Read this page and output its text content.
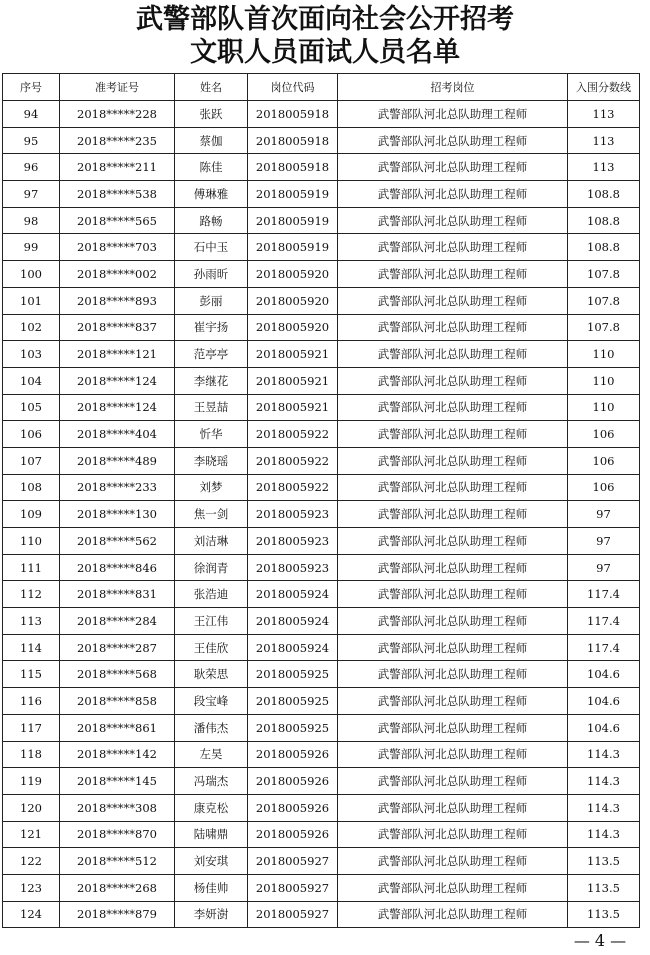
武警部队首次面向社会公开招考
文职人员面试人员名单
序号	准考证号	姓名	岗位代码	招考岗位	入围分数线
94	2018*****228	张跃	2018005918	武警部队河北总队助理工程师	113
95	2018*****235	蔡伽	2018005918	武警部队河北总队助理工程师	113
96	2018*****211	陈佳	2018005918	武警部队河北总队助理工程师	113
97	2018*****538	傅琳雅	2018005919	武警部队河北总队助理工程师	108.8
98	2018*****565	路畅	2018005919	武警部队河北总队助理工程师	108.8
99	2018*****703	石中玉	2018005919	武警部队河北总队助理工程师	108.8
100	2018*****002	孙雨昕	2018005920	武警部队河北总队助理工程师	107.8
101	2018*****893	彭丽	2018005920	武警部队河北总队助理工程师	107.8
102	2018*****837	崔宇扬	2018005920	武警部队河北总队助理工程师	107.8
103	2018*****121	范亭亭	2018005921	武警部队河北总队助理工程师	110
104	2018*****124	李继花	2018005921	武警部队河北总队助理工程师	110
105	2018*****124	王昱喆	2018005921	武警部队河北总队助理工程师	110
106	2018*****404	忻华	2018005922	武警部队河北总队助理工程师	106
107	2018*****489	李晓瑶	2018005922	武警部队河北总队助理工程师	106
108	2018*****233	刘梦	2018005922	武警部队河北总队助理工程师	106
109	2018*****130	焦一剑	2018005923	武警部队河北总队助理工程师	97
110	2018*****562	刘洁琳	2018005923	武警部队河北总队助理工程师	97
111	2018*****846	徐润青	2018005923	武警部队河北总队助理工程师	97
112	2018*****831	张浩迪	2018005924	武警部队河北总队助理工程师	117.4
113	2018*****284	王江伟	2018005924	武警部队河北总队助理工程师	117.4
114	2018*****287	王佳欣	2018005924	武警部队河北总队助理工程师	117.4
115	2018*****568	耿荣思	2018005925	武警部队河北总队助理工程师	104.6
116	2018*****858	段宝峰	2018005925	武警部队河北总队助理工程师	104.6
117	2018*****861	潘伟杰	2018005925	武警部队河北总队助理工程师	104.6
118	2018*****142	左昊	2018005926	武警部队河北总队助理工程师	114.3
119	2018*****145	冯瑞杰	2018005926	武警部队河北总队助理工程师	114.3
120	2018*****308	康克松	2018005926	武警部队河北总队助理工程师	114.3
121	2018*****870	陆啸鼎	2018005926	武警部队河北总队助理工程师	114.3
122	2018*****512	刘安琪	2018005927	武警部队河北总队助理工程师	113.5
123	2018*****268	杨佳帅	2018005927	武警部队河北总队助理工程师	113.5
124	2018*****879	李妍澍	2018005927	武警部队河北总队助理工程师	113.5
— 4 —
